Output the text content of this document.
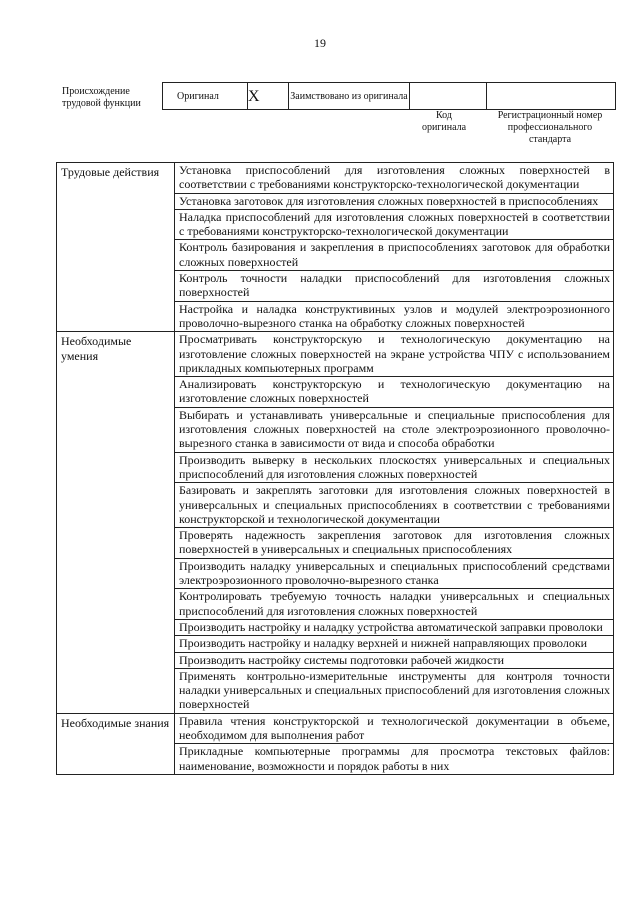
19
Происхождение трудовой функции
Оригинал	X	Заимствовано из оригинала		
Код оригинала
Регистрационный номер профессионального стандарта
Трудовые действия	Установка приспособлений для изготовления сложных поверхностей в соответствии с требованиями конструкторско-технологической документации
	Установка заготовок для изготовления сложных поверхностей в приспособлениях
	Наладка приспособлений для изготовления сложных поверхностей в соответствии с требованиями конструкторско-технологической документации
	Контроль базирования и закрепления в приспособлениях заготовок для обработки сложных поверхностей
	Контроль точности наладки приспособлений для изготовления сложных поверхностей
	Настройка и наладка конструктивиных узлов и модулей электроэрозионного проволочно-вырезного станка на обработку сложных поверхностей
Необходимые умения	Просматривать конструкторскую и технологическую документацию на изготовление сложных поверхностей на экране устройства ЧПУ с использованием прикладных компьютерных программ
	Анализировать конструкторскую и технологическую документацию на изготовление сложных поверхностей
	Выбирать и устанавливать универсальные и специальные приспособления для изготовления сложных поверхностей на столе электроэрозионного проволочно-вырезного станка в зависимости от вида и способа обработки
	Производить выверку в нескольких плоскостях универсальных и специальных приспособлений для изготовления сложных поверхностей
	Базировать и закреплять заготовки для изготовления сложных поверхностей в универсальных и специальных приспособлениях в соответствии с требованиями конструкторской и технологической документации
	Проверять надежность закрепления заготовок для изготовления сложных поверхностей в универсальных и специальных приспособлениях
	Производить наладку универсальных и специальных приспособлений средствами электроэрозионного проволочно-вырезного станка
	Контролировать требуемую точность наладки универсальных и специальных приспособлений для изготовления сложных поверхностей
	Производить настройку и наладку устройства автоматической заправки проволоки
	Производить настройку и наладку верхней и нижней направляющих проволоки
	Производить настройку системы подготовки рабочей жидкости
	Применять контрольно-измерительные инструменты для контроля точности наладки универсальных и специальных приспособлений для изготовления сложных поверхностей
Необходимые знания	Правила чтения конструкторской и технологической документации в объеме, необходимом для выполнения работ
	Прикладные компьютерные программы для просмотра текстовых файлов: наименование, возможности и порядок работы в них
